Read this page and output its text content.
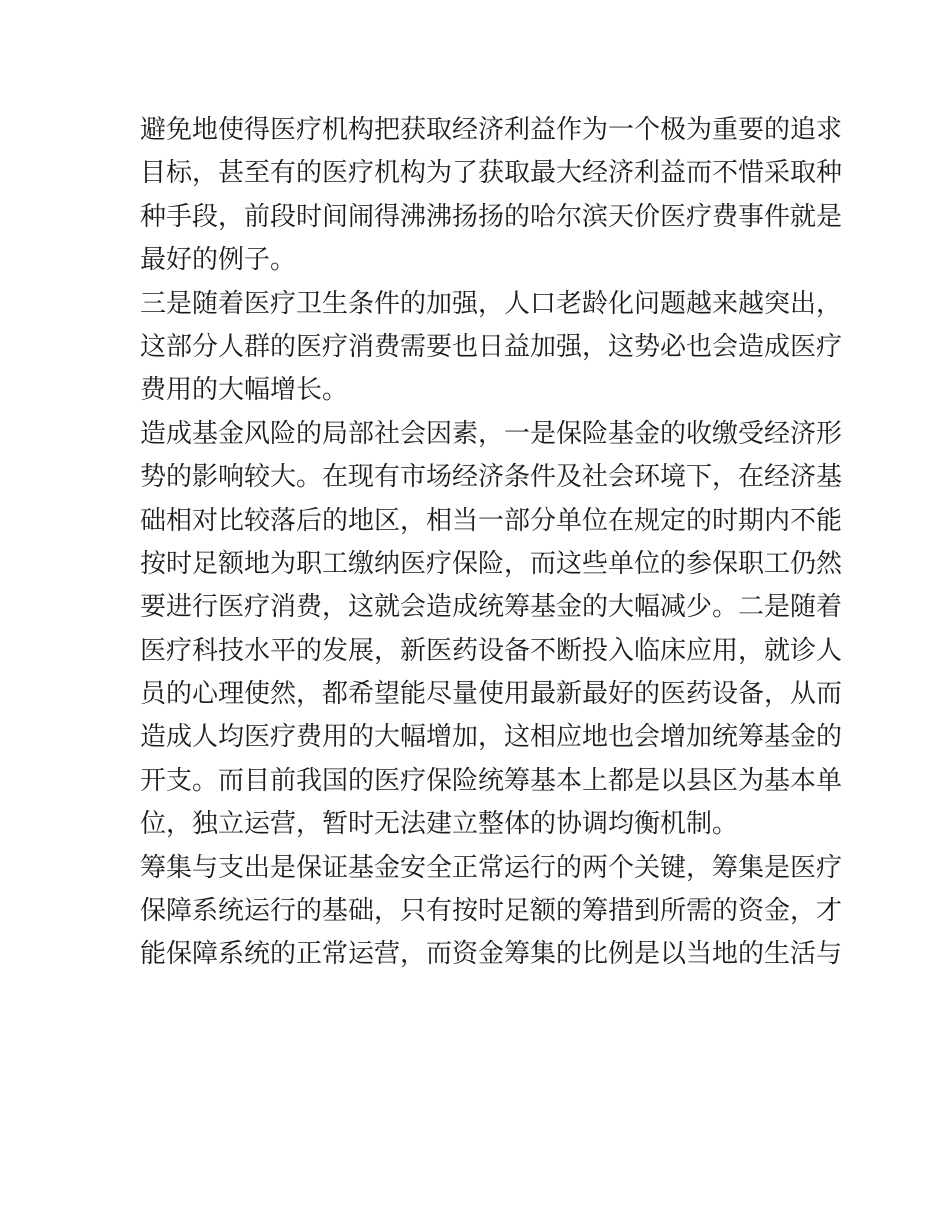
避免地使得医疗机构把获取经济利益作为一个极为重要的追求
目标，甚至有的医疗机构为了获取最大经济利益而不惜采取种
种手段，前段时间闹得沸沸扬扬的哈尔滨天价医疗费事件就是
最好的例子。
三是随着医疗卫生条件的加强，人口老龄化问题越来越突出，
这部分人群的医疗消费需要也日益加强，这势必也会造成医疗
费用的大幅增长。
造成基金风险的局部社会因素，一是保险基金的收缴受经济形
势的影响较大。在现有市场经济条件及社会环境下，在经济基
础相对比较落后的地区，相当一部分单位在规定的时期内不能
按时足额地为职工缴纳医疗保险，而这些单位的参保职工仍然
要进行医疗消费，这就会造成统筹基金的大幅减少。二是随着
医疗科技水平的发展，新医药设备不断投入临床应用，就诊人
员的心理使然，都希望能尽量使用最新最好的医药设备，从而
造成人均医疗费用的大幅增加，这相应地也会增加统筹基金的
开支。而目前我国的医疗保险统筹基本上都是以县区为基本单
位，独立运营，暂时无法建立整体的协调均衡机制。
筹集与支出是保证基金安全正常运行的两个关键，筹集是医疗
保障系统运行的基础，只有按时足额的筹措到所需的资金，才
能保障系统的正常运营，而资金筹集的比例是以当地的生活与
